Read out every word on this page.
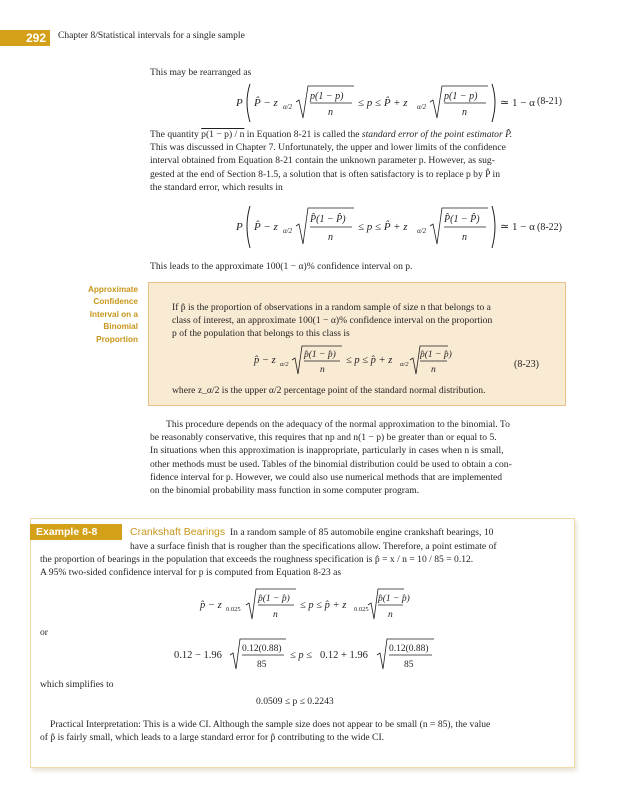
292	Chapter 8/Statistical intervals for a single sample
This may be rearranged as
P P̂ − z α/2
p(1 − p)
n
≤ p ≤ P̂ + z α/2
p(1 − p)
n
≃ 1 − α (8-21)
The quantity p(1 − p) / n in Equation 8-21 is called the standard error of the point estimator P̂.
This was discussed in Chapter 7. Unfortunately, the upper and lower limits of the confidence
interval obtained from Equation 8-21 contain the unknown parameter p. However, as sug-
gested at the end of Section 8-1.5, a solution that is often satisfactory is to replace p by P̂ in
the standard error, which results in
P P̂ − z α/2
P̂(1 − P̂)
n
≤ p ≤ P̂ + z α/2
P̂(1 − P̂)
n
≃ 1 − α (8-22)
This leads to the approximate 100(1 − α)% confidence interval on p.
Approximate
Confidence
Interval on a
Binomial
Proportion
If p̂ is the proportion of observations in a random sample of size n that belongs to a
class of interest, an approximate 100(1 − α)% confidence interval on the proportion
p of the population that belongs to this class is
p̂ − z α/2
p̂(1 − p̂)
n
≤ p ≤ p̂ + z α/2
p̂(1 − p̂)
n	(8-23)
where z_α/2 is the upper α/2 percentage point of the standard normal distribution.
This procedure depends on the adequacy of the normal approximation to the binomial. To
be reasonably conservative, this requires that np and n(1 − p) be greater than or equal to 5.
In situations when this approximation is inappropriate, particularly in cases when n is small,
other methods must be used. Tables of the binomial distribution could be used to obtain a con-
fidence interval for p. However, we could also use numerical methods that are implemented
on the binomial probability mass function in some computer program.
Example 8-8	Crankshaft Bearings In a random sample of 85 automobile engine crankshaft bearings, 10
have a surface finish that is rougher than the specifications allow. Therefore, a point estimate of
the proportion of bearings in the population that exceeds the roughness specification is p̂ = x / n = 10 / 85 = 0.12.
A 95% two-sided confidence interval for p is computed from Equation 8-23 as
p̂ − z 0.025
p̂(1 − p̂)
n
≤ p ≤ p̂ + z 0.025
p̂(1 − p̂)
n
or
0.12 − 1.96
0.12(0.88)
85
≤ p ≤ 0.12 + 1.96
0.12(0.88)
85
which simplifies to
0.0509 ≤ p ≤ 0.2243
Practical Interpretation: This is a wide CI. Although the sample size does not appear to be small (n = 85), the value
of p̂ is fairly small, which leads to a large standard error for p̂ contributing to the wide CI.
